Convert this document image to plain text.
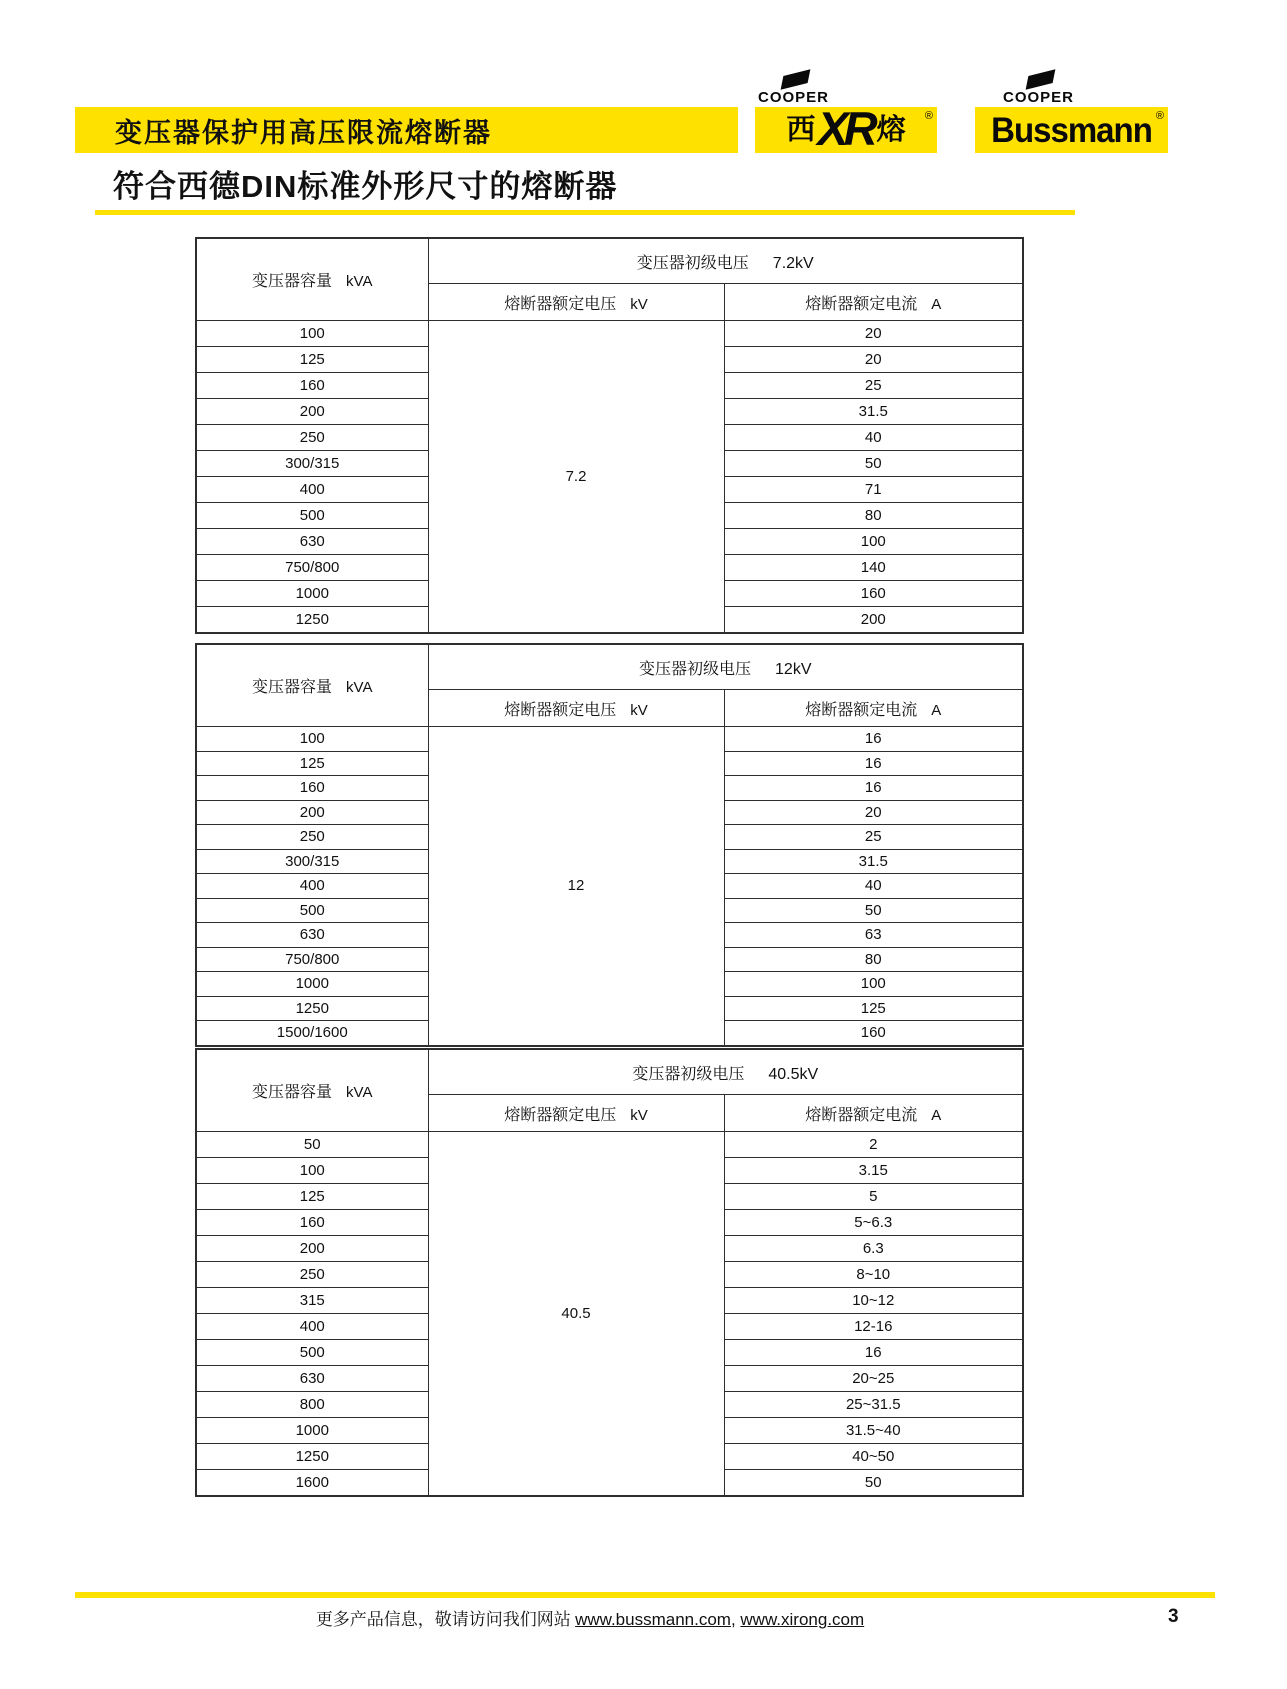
变压器保护用高压限流熔断器
COOPER
西 XR 熔 ®
COOPER
Bussmann ®
符合西德DIN标准外形尺寸的熔断器
变压器容量 kVA	变压器初级电压 7.2kV	
	熔断器额定电压 kV	熔断器额定电流 A
100	7.2	20
125		20
160		25
200		31.5
250		40
300/315		50
400		71
500		80
630		100
750/800		140
1000		160
1250		200
变压器容量 kVA	变压器初级电压 12kV	
	熔断器额定电压 kV	熔断器额定电流 A
100	12	16
125		16
160		16
200		20
250		25
300/315		31.5
400		40
500		50
630		63
750/800		80
1000		100
1250		125
1500/1600		160
变压器容量 kVA	变压器初级电压 40.5kV	
	熔断器额定电压 kV	熔断器额定电流 A
50	40.5	2
100		3.15
125		5
160		5~6.3
200		6.3
250		8~10
315		10~12
400		12-16
500		16
630		20~25
800		25~31.5
1000		31.5~40
1250		40~50
1600		50
更多产品信息，敬请访问我们网站 www.bussmann.com, www.xirong.com	3
